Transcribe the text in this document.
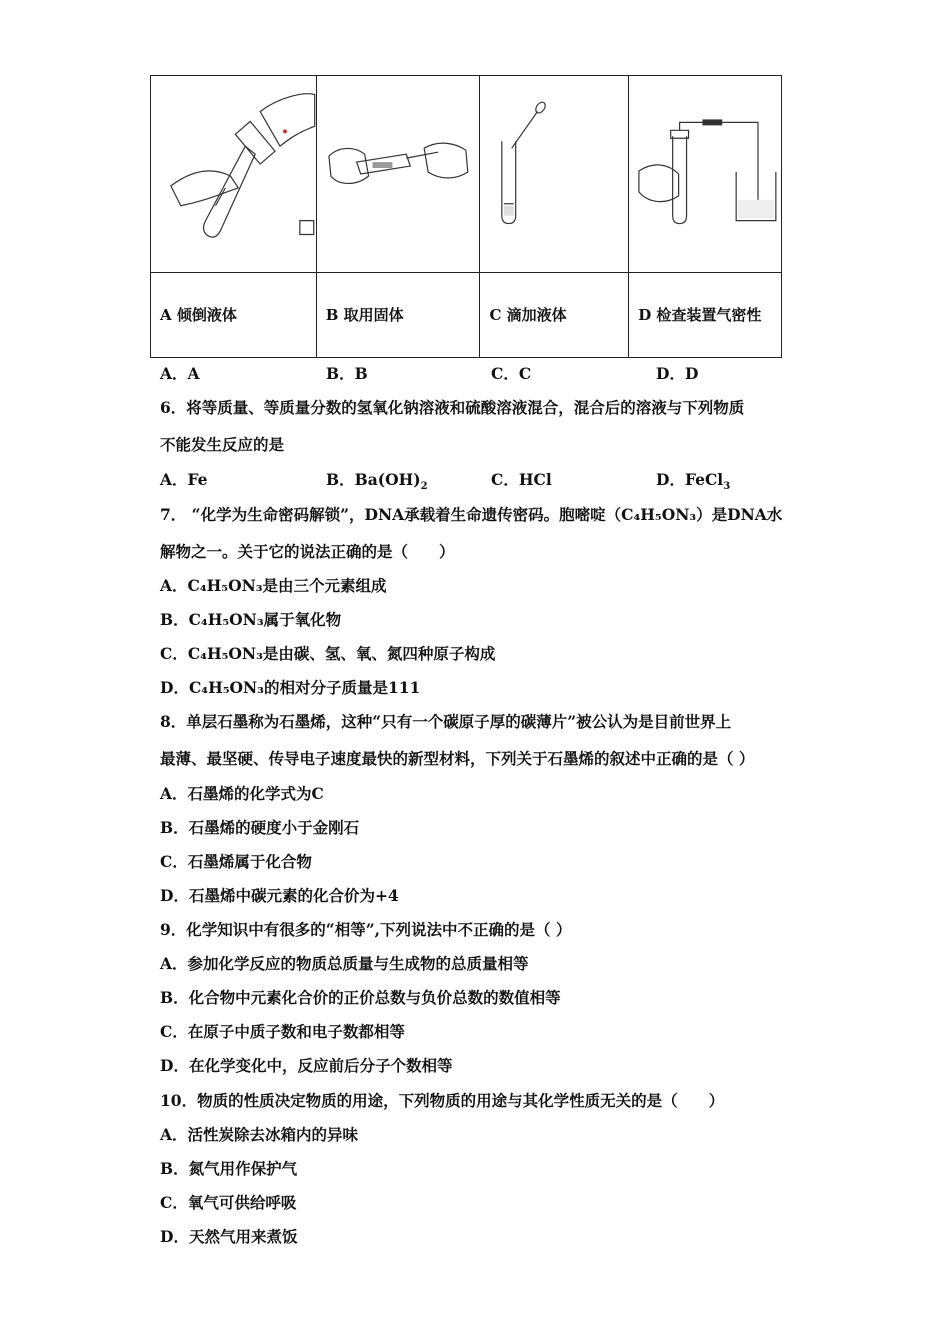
A 倾倒液体	B 取用固体	C 滴加液体	D 检查装置气密性
A．A	B．B	C．C	D．D
6．将等质量、等质量分数的氢氧化钠溶液和硫酸溶液混合，混合后的溶液与下列物质
不能发生反应的是
A．Fe	B．$Ba(OH)_2$	C．HCl	D．FeCl$_3$
7． “化学为生命密码解锁”，DNA承载着生命遗传密码。胞嘧啶（C₄H₅ON₃）是DNA水
解物之一。关于它的说法正确的是（　　）
A．C₄H₅ON₃是由三个元素组成
B．C₄H₅ON₃属于氧化物
C．C₄H₅ON₃是由碳、氢、氧、氮四种原子构成
D．C₄H₅ON₃的相对分子质量是111
8．单层石墨称为石墨烯，这种“只有一个碳原子厚的碳薄片”被公认为是目前世界上
最薄、最坚硬、传导电子速度最快的新型材料，下列关于石墨烯的叙述中正确的是（ ）
A．石墨烯的化学式为C
B．石墨烯的硬度小于金刚石
C．石墨烯属于化合物
D．石墨烯中碳元素的化合价为+4
9．化学知识中有很多的“相等”,下列说法中不正确的是（ ）
A．参加化学反应的物质总质量与生成物的总质量相等
B．化合物中元素化合价的正价总数与负价总数的数值相等
C．在原子中质子数和电子数都相等
D．在化学变化中，反应前后分子个数相等
10．物质的性质决定物质的用途，下列物质的用途与其化学性质无关的是（　　）
A．活性炭除去冰箱内的异味
B．氮气用作保护气
C．氧气可供给呼吸
D．天然气用来煮饭
